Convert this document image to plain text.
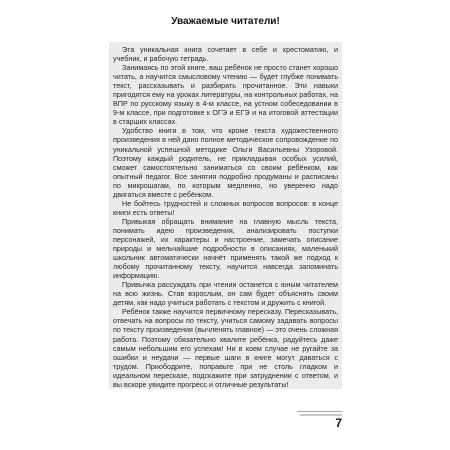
Уважаемые читатели!

Эта уникальная книга сочетает в себе и хрестоматию, и учебник, и рабочую тетрадь.

Занимаясь по этой книге, ваш ребёнок не просто станет хорошо читать, а научится смысловому чтению — будет глубже понимать текст, рассказывать и разбирать прочитанное. Эти навыки пригодятся ему на уроках литературы, на контрольных работах, на ВПР по русскому языку в 4-м классе, на устном собеседовании в 9-м классе, при подготовке к ОГЭ и ЕГЭ и на итоговой аттестации в старших классах.

Удобство книги в том, что кроме текста художественного произведения в ней дано полное методическое сопровождение по уникальной успешной методике Ольги Васильевны Узоровой. Поэтому каждый родитель, не прикладывая особых усилий, сможет самостоятельно заниматься со своим ребёнком, как опытный педагог. Все занятия подробно продуманы и расписаны по микрошагам, по которым медленно, но уверенно надо двигаться вместе с ребёнком.

Не бойтесь трудностей и сложных вопросов вопросов: в конце книги есть ответы!

Привыкая обращать внимание на главную мысль текста, понимать идею произведения, анализировать поступки персонажей, их характеры и настроение, замечать описание природы и мельчайшие подробности в описаниях, маленький школьник автоматически начнёт применять такой же подход к любому прочитанному тексту, научится навсегда запоминать информацию.

Привычка рассуждать при чтении останется с юным читателем на всю жизнь. Став взрослым, он сам будет объяснять своим детям, как надо учиться работать с текстом и дружить с книгой.

Ребёнок также научится первичному пересказу. Пересказывать, отвечать на вопросы по тексту, учиться самому задавать вопросы по тексту произведения (вычленять главное) — это очень сложная работа. Поэтому обязательно хвалите ребёнка, радуйтесь даже самым небольшим его успехам! Ни в коем случае не ругайте за ошибки и неудачи — первые шаги в книге могут даваться с трудом. Приободрите, поправьте при не столь гладком и идеальном пересказе, подскажите при затруднении с ответом, и вы вскоре увидите прогресс и отличные результаты!

7
